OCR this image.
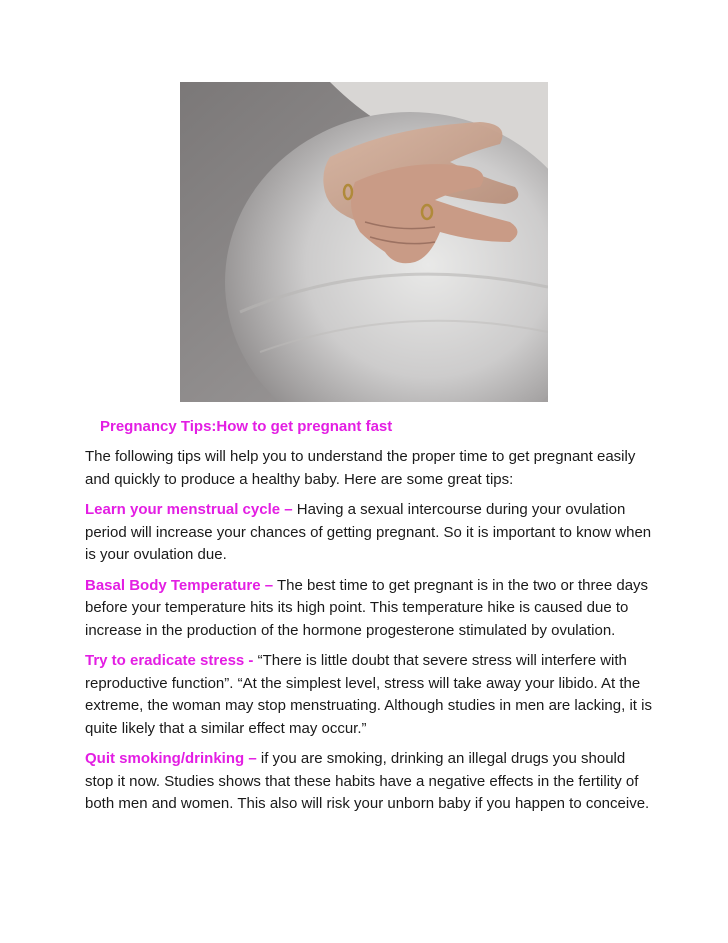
Pregnancy Tips:How to get pregnant fast

The following tips will help you to understand the proper time to get pregnant easily and quickly to produce a healthy baby. Here are some great tips:

Learn your menstrual cycle – Having a sexual intercourse during your ovulation period will increase your chances of getting pregnant. So it is important to know when is your ovulation due.

Basal Body Temperature – The best time to get pregnant is in the two or three days before your temperature hits its high point. This temperature hike is caused due to increase in the production of the hormone progesterone stimulated by ovulation.

Try to eradicate stress - “There is little doubt that severe stress will interfere with reproductive function”. “At the simplest level, stress will take away your libido. At the extreme, the woman may stop menstruating. Although studies in men are lacking, it is quite likely that a similar effect may occur.”

Quit smoking/drinking – if you are smoking, drinking an illegal drugs you should stop it now. Studies shows that these habits have a negative effects in the fertility of both men and women. This also will risk your unborn baby if you happen to conceive.
